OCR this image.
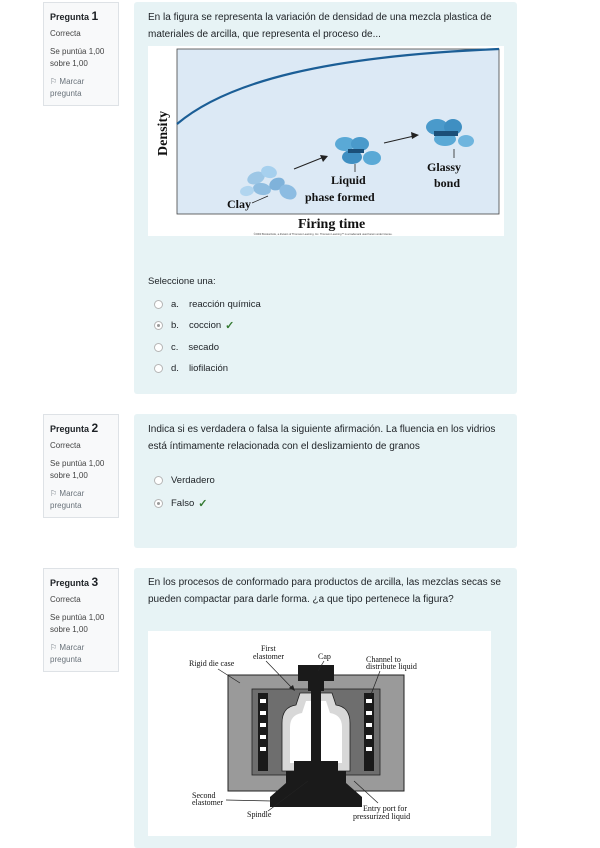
Pregunta 1
Correcta
Se puntúa 1,00
sobre 1,00
⚐ Marcar
pregunta
En la figura se representa la variación de densidad de una mezcla plastica de materiales de arcilla, que representa el proceso de...
Density
Firing time
©2003 Brooks/Cole, a division of Thomson Learning, Inc. Thomson Learning™ is a trademark used herein under license.
Clay
Liquid
phase formed
Glassy
bond
Seleccione una:
a. reacción química
b. coccion ✓
c. secado
d. liofilación
Pregunta 2
Correcta
Se puntúa 1,00
sobre 1,00
⚐ Marcar
pregunta
Indica si es verdadera o falsa la siguiente afirmación. La fluencia en los vidrios está íntimamente relacionada con el deslizamiento de granos
Verdadero
Falso ✓
Pregunta 3
Correcta
Se puntúa 1,00
sobre 1,00
⚐ Marcar
pregunta
En los procesos de conformado para productos de arcilla, las mezclas secas se pueden compactar para darle forma. ¿a que tipo pertenece la figura?
First
elastomer	Cap
Rigid die case	Channel to
distribute liquid
Second
elastomer
Spindle
Entry port for
pressurized liquid
